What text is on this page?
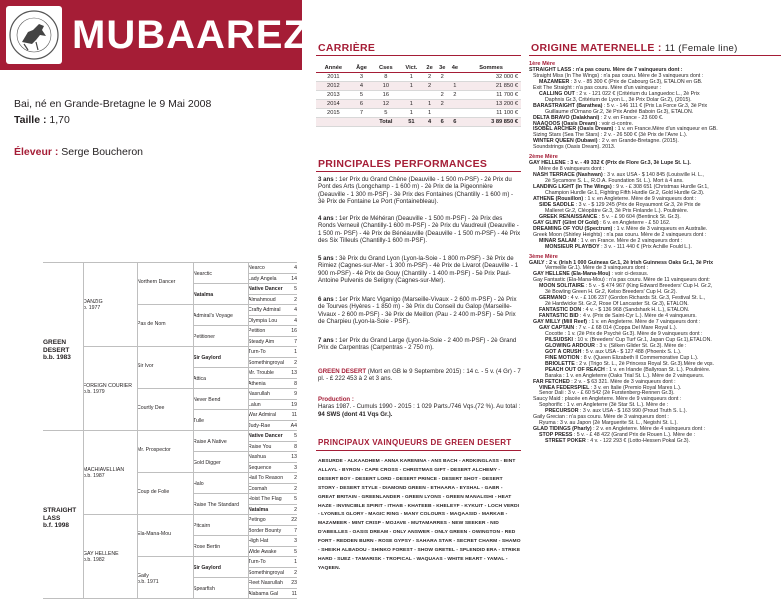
MUBAAREZ
Bai, né en Grande-Bretagne le 9 Mai 2008
Taille : 1,70
Éleveur : Serge Boucheron
GREEN DESERT
b.b. 1983
STRAIGHT LASS
b.f. 1998
DANZIG
b. 1977
FOREIGN COURIER
b.b. 1979
MACHIAVELLIAN
b.b. 1987
GAY HELLENE
b.b. 1982
Northern Dancer
Pas de Nom
Sir Ivor
Courtly Dee
Mr. Prospector
Coup de Folie
Ela-Mana-Mou
Gaily
b.b. 1971
Nearctic
Natalma
Admiral's Voyage
Petitioner
Sir Gaylord
Attica
Never Bend
Tulle
Raise A Native
Gold Digger
Halo
Raise The Standard
Pitcairn
Rose Bertin
Sir Gaylord
Spearfish
Nearco	4
Lady Angela	14
Native Dancer 5
Almahmoud	2
Crafty Admiral	4
Olympia Lou	4
Petition	16
Steady Aim	7
Turn-To	1
Somethingroyal 2
Mr. Trouble	13
Athenia	8
Nasrullah	9
Lalun	19
War Admiral	11
Judy-Rae	A4
Native Dancer 5
Raise You	8
Nashua	13
Sequence	3
Hail To Reason 2
Cosmah	2
Hoist The Flag 5
Natalma	2
Petingo	22
Border Bounty 7
High Hat	3
Wide Awake	5
Turn-To	1
Somethingroyal 2
Fleet Nasrullah 23
Alabama Gal	11
CARRIÈRE
Année	Âge	Cses	Vict.	2e	3e	4e	Sommes
2011	3	8	1	2	2		32 000 €
2012	4	10	1	2		1	21 850 €
2013	5	16			2	2	11 700 €
2014	6	12	1	1	2		13 200 €
2015	7	5	1	1			11 100 €
		Total	51	4	6	6	3 89 850 €
PRINCIPALES PERFORMANCES
3 ans : 1er Prix du Grand Chêne (Deauville - 1 500 m-PSF) - 2è Prix du Pont des Arts (Longchamp - 1 600 m) - 2è Prix de la Pigeonnière (Deauville - 1 300 m-PSF) - 3è Prix des Fontaines (Chantilly - 1 600 m) - 3è Prix de Fontaine Le Port (Fontainebleau).
4 ans : 1er Prix de Méhéran (Deauville - 1 500 m-PSF) - 2è Prix des Ronds Verneuil (Chantilly-1 600 m-PSF) - 2è Prix du Vaudreuil (Deauville - 1 500 m- PSF) - 4è Prix de Bénéauville (Deauville - 1 500 m-PSF) - 4è Prix des Six Tilleuls (Chantilly-1 600 m-PSF).
5 ans : 3è Prix du Grand Lyon (Lyon-la-Soie - 1 800 m-PSF) - 3è Prix de Rimiez (Cagnes-sur-Mer - 1 300 m-PSF) - 4è Prix de Livarot (Deauville - 1 900 m-PSF) - 4è Prix de Gouy (Chantilly - 1 400 m-PSF) - 5è Prix Paul-Antoine Pulvenis de Seligny (Cagnes-sur-Mer).
6 ans : 1er Prix Marc Viganigo (Marseille-Vivaux - 2 600 m-PSF) - 2è Prix de Tourves (Hyères - 1 850 m) - 3è Prix du Conseil du Galop (Marseille-Vivaux - 2 600 m-PSF) - 3è Prix de Meillon (Pau - 2 400 m-PSF) - 5è Prix de Charpieu (Lyon-la-Soie - PSF).
7 ans : 1er Prix du Grand Large (Lyon-la-Soie - 2 400 m-PSF) - 2è Grand Prix de Carpentras (Carpentras - 2 750 m).
GREEN DESERT (Mort en GB le 9 Septembre 2015) : 14 c. - 5 v. (4 Gr) - 7 pl. - £ 222 453 à 2 et 3 ans.
Production :
Haras 1987. - Cumuls 1990 - 2015 : 1 029 Parts./746 Vqs.(72 %). Au total : 94 SWS (dont 41 Vqs Gr.).
PRINCIPAUX VAINQUEURS DE GREEN DESERT
ABSURDE - ALKAADHEM - ANNA KARENINA - ANS BACH - ARDKINGLASS - BINT ALLAYL - BYRON - CAPE CROSS - CHRISTMAS GIFT - DESERT ALCHEMY - DESERT BOY - DESERT LORD - DESERT PRINCE - DESERT SHOT - DESERT STORY - DESERT STYLE - DIAMOND GREEN - ETHAARA - EYSHAL - GABR - GREAT BRITAIN - GREENLANDER - GREEN LYONS - GREEN MANALISHI - HEAT HAZE - INVINCIBLE SPIRIT - ITHAB - KHATEEB - KHELEYF - KYKUIT - LOCH VERDI - LYONELS GLORY - MAGIC RING - MANY COLOURS - MAQAASID - MARKAB - MAZAMEER - MINT CRISP - MOJAVE - MUTAMARRES - NEW SEEKER - NID D'ABEILLES - OASIS DREAM - ONLY ANSWER - ONLY GREEN - OWINGTON - RED FORT - REDDEN BURN - ROSE GYPSY - SAHARA STAR - SECRET CHARM - SHAMO - SHEIKH ALBADOU - SHINKO FOREST - SHOW GRETEL - SPLENDID ERA - STRIKE HARD - SUEZ - TAMARISK - TROPICAL - WAQUAAS - WHITE HEART - YAMAL - YAQEEN.
ORIGINE MATERNELLE : 11 (Female line)
1ère Mère
STRAIGHT LASS : n'a pas couru. Mère de 7 vainqueurs dont :
Straight Miss (In The Wings) : n'a pas couru. Mère de 3 vainqueurs dont :
MAZAMEER : 3 v. - 85 300 € (Prix de Cabourg Gr.3), ETALON en GB.
Exit The Straight : n'a pas couru. Mère d'un vainqueur :
CALLING OUT : 2 v. - 121 022 € (Critérium du Languedoc L., 2è Prix
Daphnis Gr.3, Critérium de Lyon L., 3è Prix Dolar Gr.2), (2015).
BARASTRAIGHT (Barathea) : 5 v. - 146 111 € (Prix La Force Gr.3, 3è Prix
Guillaume d'Ornano Gr.2, 3è Prix André Baboin Gr.3), ETALON.
DELTA BRAVO (Dalakhani) : 2 v. en France - 23 600 €.
NAAQOOS (Oasis Dream) : voir ci-contre.
ISOBEL ARCHER (Oasis Dream) : 1 v. en France.Mère d'un vainqueur en GB.
Sizing Stars (Sea The Stars) : 2 v. - 26 500 € (3è Prix de l'Avre L.).
WINTER QUEEN (Dubawi) : 2 v. en Grande-Bretagne. (2015).
Soundstrings (Oasis Dream). 2013.
2ème Mère
GAY HELLENE : 3 v. - 49 332 € (Prix de Flore Gr.3, 3è Lupe St. L.).
Mère de 8 vainqueurs dont :
NASH TERRACE (Nashwan) : 3 v. aux USA - $ 140 845 (Louisville H. L.,
2è Sycamore S. L., R.O.A. Foundation St. L.). Mort à 4 ans.
LANDING LIGHT (In The Wings) : 9 v. - £ 308 651 (Christmas Hurdle Gr.1,
Champion Hurdle Gr.1, Fighting Fifth Hurdle Gr.2, Gold Hurdle Gr.3).
ATHENE (Rousillon) : 1 v. en Angleterre. Mère de 9 vainqueurs dont :
SIDE SADDLE : 3 v. - $ 129 245 (Prix de Royaumont Gr.3, 2è Prix de
Malleret Gr.2, Cléopâtre Gr.3, 3è Prix Finlande L.). Poulinière.
GREEK RENAISSANCE : 5 v. - £ 90 604 (Bentinck St. Gr.3).
GAY GLINT (Glint Of Gold) : 6 v. en Angleterre - £ 50 162.
DREAMING OF YOU (Spectrum) : 1 v. Mère de 3 vainqueurs en Australie.
Greek Moon (Shirley Heights) : n'a pas couru. Mère de 2 vainqueurs dont :
MINAR SALAM : 1 v. en France. Mère de 2 vainqueurs dont :
MONSIEUR PLAYBOY : 3 v. - 111 440 € (Prix Achille Fould L.).
3ème Mère
GAILY : 2 v. (Irish 1 000 Guineas Gr.1, 2è Irish Guinness Oaks Gr.1, 3è Prix
Vermeille Gr.1). Mère de 3 vainqueurs dont :
GAY HELLENE (Ela-Mana-Mou) : voir ci-dessus.
Gay Fantastic (Ela-Mana-Mou) : n'a pas couru. Mère de 11 vainqueurs dont:
MOON SOLITAIRE : 5 v. - $ 474 967 (King Edward Breeders' Cup H. Gr.2,
3è Bowling Green H. Gr.2, Kelso Breeders' Cup H. Gr.2).
GERMANO : 4 v. - £ 106 237 (Gordon Richards St. Gr.3, Festival St. L.,
2è Hardwicke St. Gr.2, Rose Of Lancaster St. Gr.3), ETALON.
FANTASTIC DON : 4 v. - $ 136 968 (Sandshark H. L.), ETALON.
FANTASTIC BID : 4 v. (Prix de Saint-Cyr L.). Mère de 4 vainqueurs.
GAY MILLY (Mill Reef) : 1 v. en Angleterre. Mère de 7 vainqueurs dont :
GAY CAPTAIN : 7 v. - £ 68 014 (Coppa Del Mare Royal L.).
Cocotte : 1 v. (2è Prix de Psyché Gr.3). Mère de 9 vainqueurs dont :
PILSUDSKI : 10 v. (Breeders' Cup Turf Gr.1, Japan Cup Gr.1),ETALON.
GLOWING ARDOUR : 3 v. (Silken Glider St. Gr.3). Mère de :
GOT A CRUSH : 5 v. aux USA - $ 127 488 (Phoenix S. L.).
FINE MOTION : 8 v. (Queen Elizabeth II Commemorative Cup L.).
BRIOLETTE : 2 v. (Trigo St. L., 2è Princess Royal St. Gr.3).Mère de vqs.
PEACH OUT OF REACH : 1 v. en Irlande (Ballyroan St. L.). Poulinière.
Baraka : 1 v. en Angleterre (Oaks Trial St. L.). Mère de 2 vainqueurs.
FAR FETCHED : 2 v. - $ 63 321. Mère de 3 vainqueurs dont :
VINEA FEDERSPIEL : 3 v. en Italie (Premio Royal Mares L.).
Senor Dali : 3 v. - £ 60 542 (2è Furstenberg-Rennen Gr.3).
Saucy Maid : placée en Angleterre. Mère de 9 vainqueurs dont :
Sophorific : 1 v. en Angleterre (3è Star St. L.). Mère de :
PRECURSOR : 3 v. aux USA - $ 163 990 (Proud Truth S. L.).
Gaily Grecian : n'a pas couru. Mère de 3 vainqueurs dont :
Ryuma : 3 v. au Japon (2è Marguerite St. L., Negishi St. L.).
GLAD TIDINGS (Pharly) : 2 v. en Angleterre. Mère de 4 vainqueurs dont :
STOP PRESS : 5 v. - £ 48 422 (Grand Prix de Rouen L.). Mère de :
STREET POKER : 4 v. - 122 293 € (Lotto-Hessen Pokal Gr.3).
